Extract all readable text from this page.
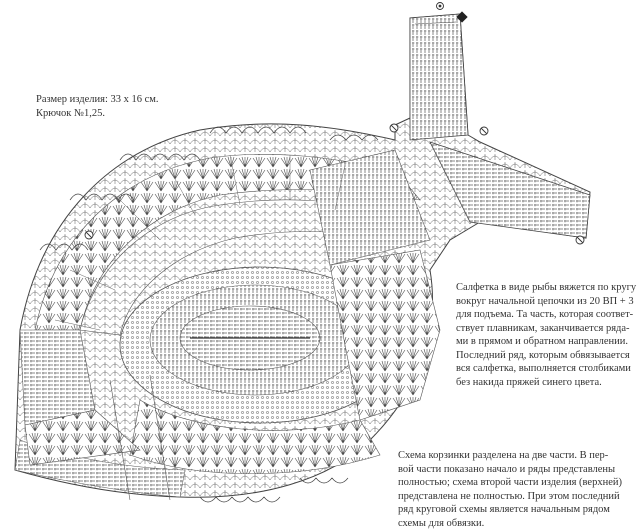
Размер изделия: 33 х 16 см.

Крючок №1,25.

Салфетка в виде рыбы вяжется по кругу

вокруг начальной цепочки из 20 ВП + 3

для подъема. Та часть, которая соответ-

ствует плавникам, заканчивается ряда-

ми в прямом и обратном направлении.

Последний ряд, которым обвязывается

вся салфетка, выполняется столбиками

без накида пряжей синего цвета.

Схема корзинки разделена на две части. В пер-

вой части показано начало и ряды представлены

полностью; схема второй части изделия (верхней)

представлена не полностью. При этом последний

ряд круговой схемы является начальным рядом

схемы для обвязки.
